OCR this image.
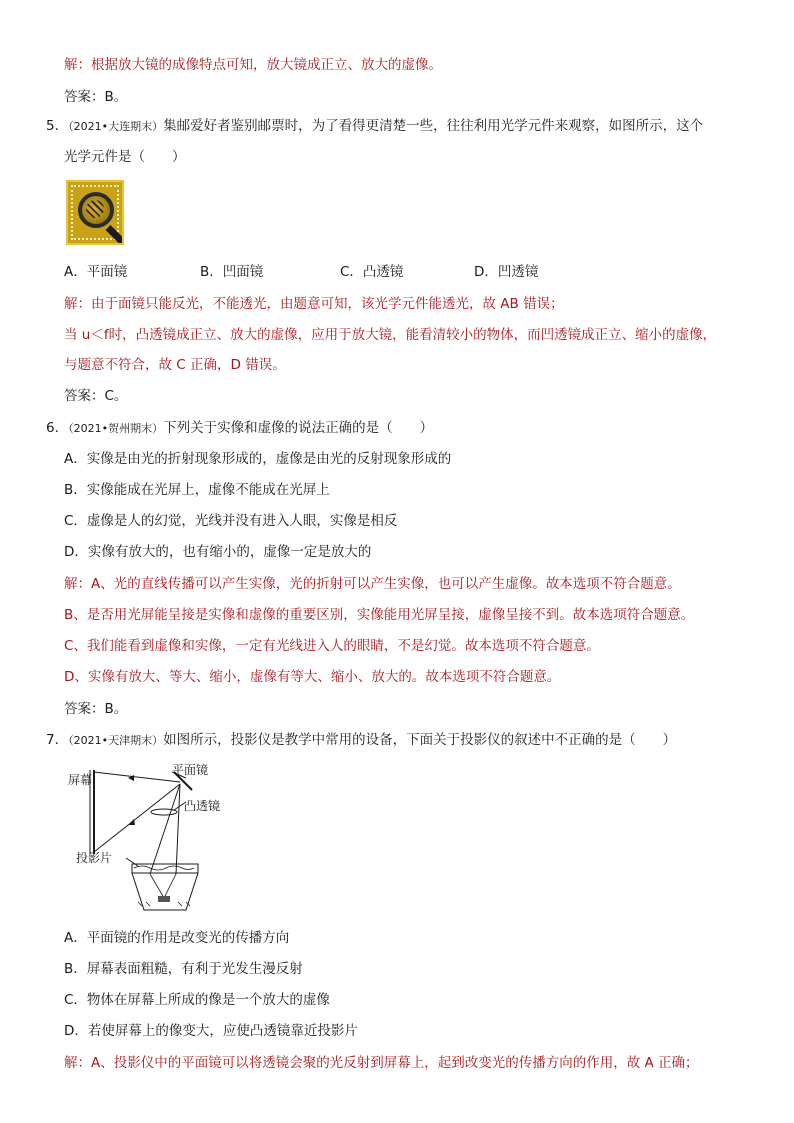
解：根据放大镜的成像特点可知，放大镜成正立、放大的虚像。
答案：B。
5．（2021•大连期末）集邮爱好者鉴别邮票时，为了看得更清楚一些，往往利用光学元件来观察，如图所示，这个
光学元件是（　　）
A．平面镜	B．凹面镜	C．凸透镜	D．凹透镜
解：由于面镜只能反光，不能透光，由题意可知，该光学元件能透光，故 AB 错误；
当 u＜f时，凸透镜成正立、放大的虚像，应用于放大镜，能看清较小的物体，而凹透镜成正立、缩小的虚像，
与题意不符合，故 C 正确，D 错误。
答案：C。
6．（2021•贺州期末）下列关于实像和虚像的说法正确的是（　　）
A．实像是由光的折射现象形成的，虚像是由光的反射现象形成的
B．实像能成在光屏上，虚像不能成在光屏上
C．虚像是人的幻觉，光线并没有进入人眼，实像是相反
D．实像有放大的，也有缩小的，虚像一定是放大的
解：A、光的直线传播可以产生实像，光的折射可以产生实像，也可以产生虚像。故本选项不符合题意。
B、是否用光屏能呈接是实像和虚像的重要区别，实像能用光屏呈接，虚像呈接不到。故本选项符合题意。
C、我们能看到虚像和实像，一定有光线进入人的眼睛，不是幻觉。故本选项不符合题意。
D、实像有放大、等大、缩小，虚像有等大、缩小、放大的。故本选项不符合题意。
答案：B。
7．（2021•天津期末）如图所示，投影仪是教学中常用的设备，下面关于投影仪的叙述中不正确的是（　　）
屏幕
平面镜
凸透镜
投影片
A．平面镜的作用是改变光的传播方向
B．屏幕表面粗糙，有利于光发生漫反射
C．物体在屏幕上所成的像是一个放大的虚像
D．若使屏幕上的像变大，应使凸透镜靠近投影片
解：A、投影仪中的平面镜可以将透镜会聚的光反射到屏幕上，起到改变光的传播方向的作用，故 A 正确；
